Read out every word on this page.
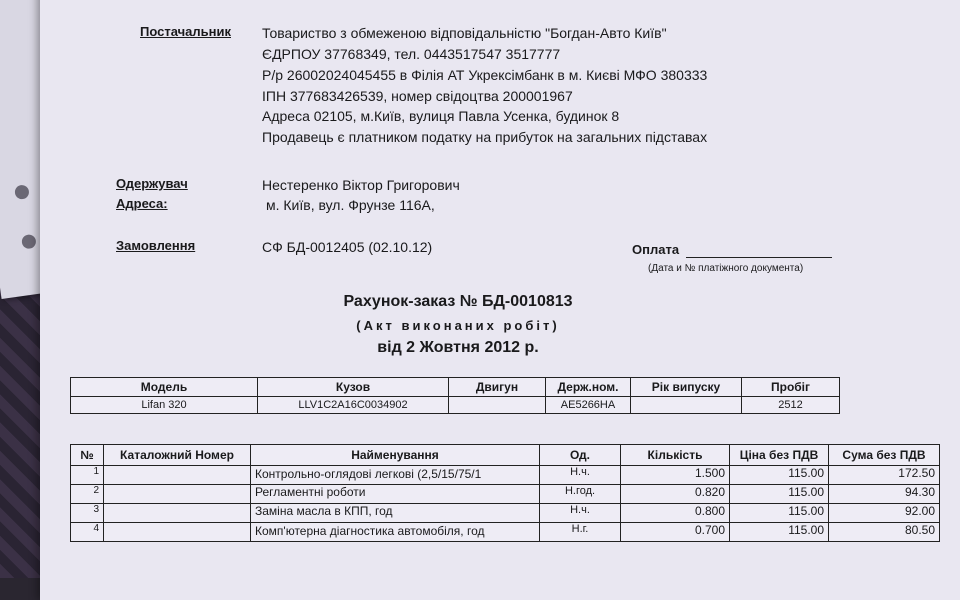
Постачальник Товариство з обмеженою відповідальністю "Богдан-Авто Київ"
ЄДРПОУ 37768349, тел. 0443517547 3517777
Р/р 26002024045455 в Філія АТ Укрексімбанк в м. Києві МФО 380333
ІПН 377683426539, номер свідоцтва 200001967
Адреса 02105, м.Київ, вулиця Павла Усенка, будинок 8
Продавець є платником податку на прибуток на загальних підставах
Одержувач	Нестеренко Віктор Григорович
Адреса:	м. Київ, вул. Фрунзе 116А,
Замовлення	СФ БД-0012405 (02.10.12)	Оплата
(Дата и № платіжного документа)
Рахунок-заказ № БД-0010813
(Акт виконаних робіт)
від 2 Жовтня 2012 р.
Модель	Кузов	Двигун	Держ.ном.	Рік випуску	Пробіг
Lifan 320	LLV1C2A16C0034902		AE5266HA		2512
№	Каталожний Номер	Найменування	Од.	Кількість	Ціна без ПДВ	Сума без ПДВ
1		Контрольно-оглядові легкові (2,5/15/75/1	Н.ч.	1.500	115.00	172.50
2		Регламентні роботи	Н.год.	0.820	115.00	94.30
3		Заміна масла в КПП, год	Н.ч.	0.800	115.00	92.00
4		Комп'ютерна діагностика автомобіля, год	Н.г.	0.700	115.00	80.50
